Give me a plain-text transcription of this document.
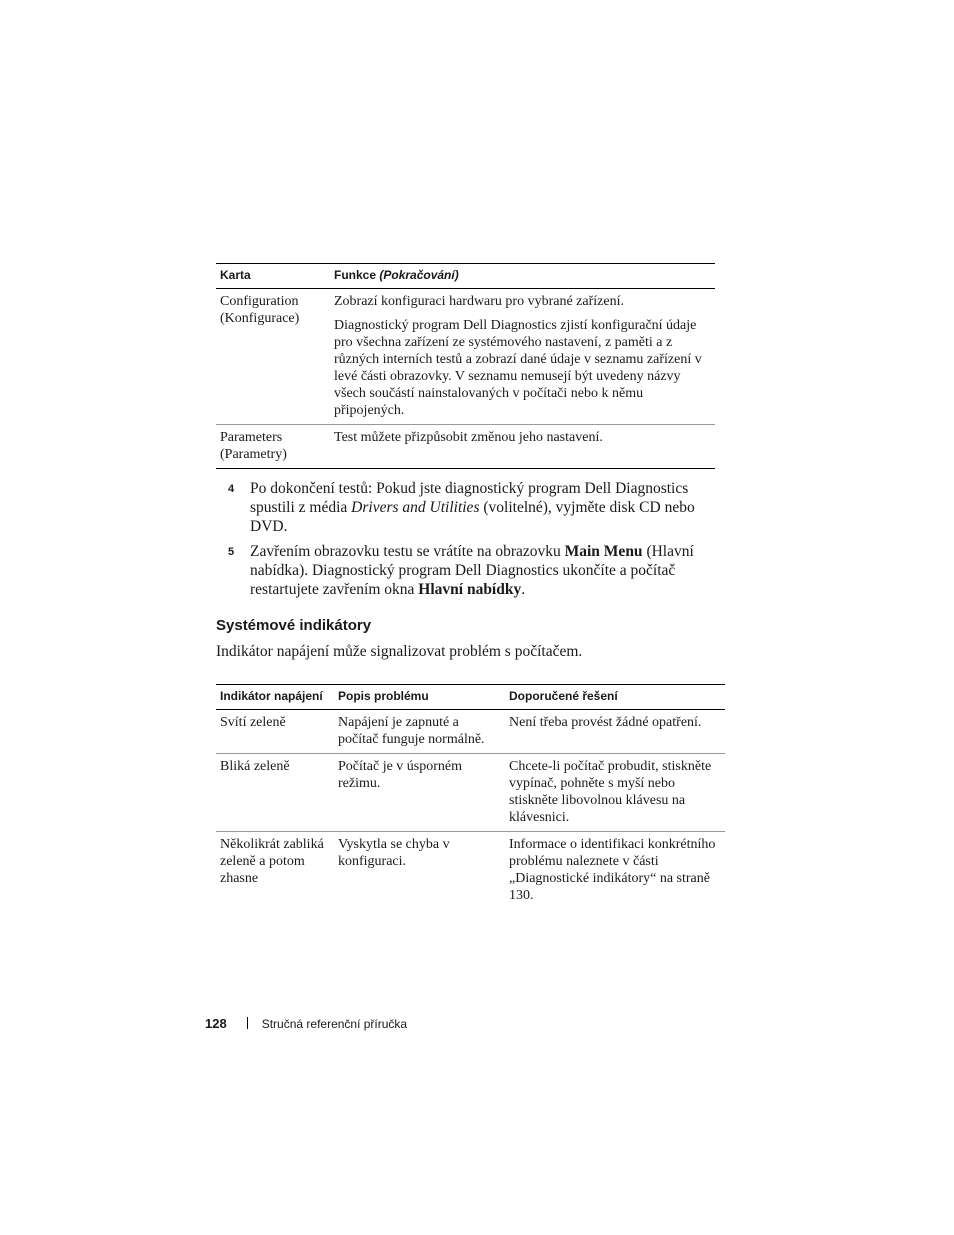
Karta	Funkce (Pokračování)
Configuration (Konfigurace)	Zobrazí konfiguraci hardwaru pro vybrané zařízení.
Diagnostický program Dell Diagnostics zjistí konfigurační údaje pro všechna zařízení ze systémového nastavení, z paměti a z různých interních testů a zobrazí dané údaje v seznamu zařízení v levé části obrazovky. V seznamu nemusejí být uvedeny názvy všech součástí nainstalovaných v počítači nebo k němu připojených.

Parameters (Parametry)	Test můžete přizpůsobit změnou jeho nastavení.
4 Po dokončení testů: Pokud jste diagnostický program Dell Diagnostics spustili z média Drivers and Utilities (volitelné), vyjměte disk CD nebo DVD.
5 Zavřením obrazovku testu se vrátíte na obrazovku Main Menu (Hlavní nabídka). Diagnostický program Dell Diagnostics ukončíte a počítač restartujete zavřením okna Hlavní nabídky.
Systémové indikátory
Indikátor napájení může signalizovat problém s počítačem.
Indikátor napájení	Popis problému	Doporučené řešení
Svítí zeleně	Napájení je zapnuté a počítač funguje normálně.	Není třeba provést žádné opatření.
Bliká zeleně	Počítač je v úsporném režimu.	Chcete-li počítač probudit, stiskněte vypínač, pohněte s myší nebo stiskněte libovolnou klávesu na klávesnici.
Několikrát zabliká zeleně a potom zhasne	Vyskytla se chyba v konfiguraci.	Informace o identifikaci konkrétního problému naleznete v části „Diagnostické indikátory“ na straně 130.
128	Stručná referenční příručka
